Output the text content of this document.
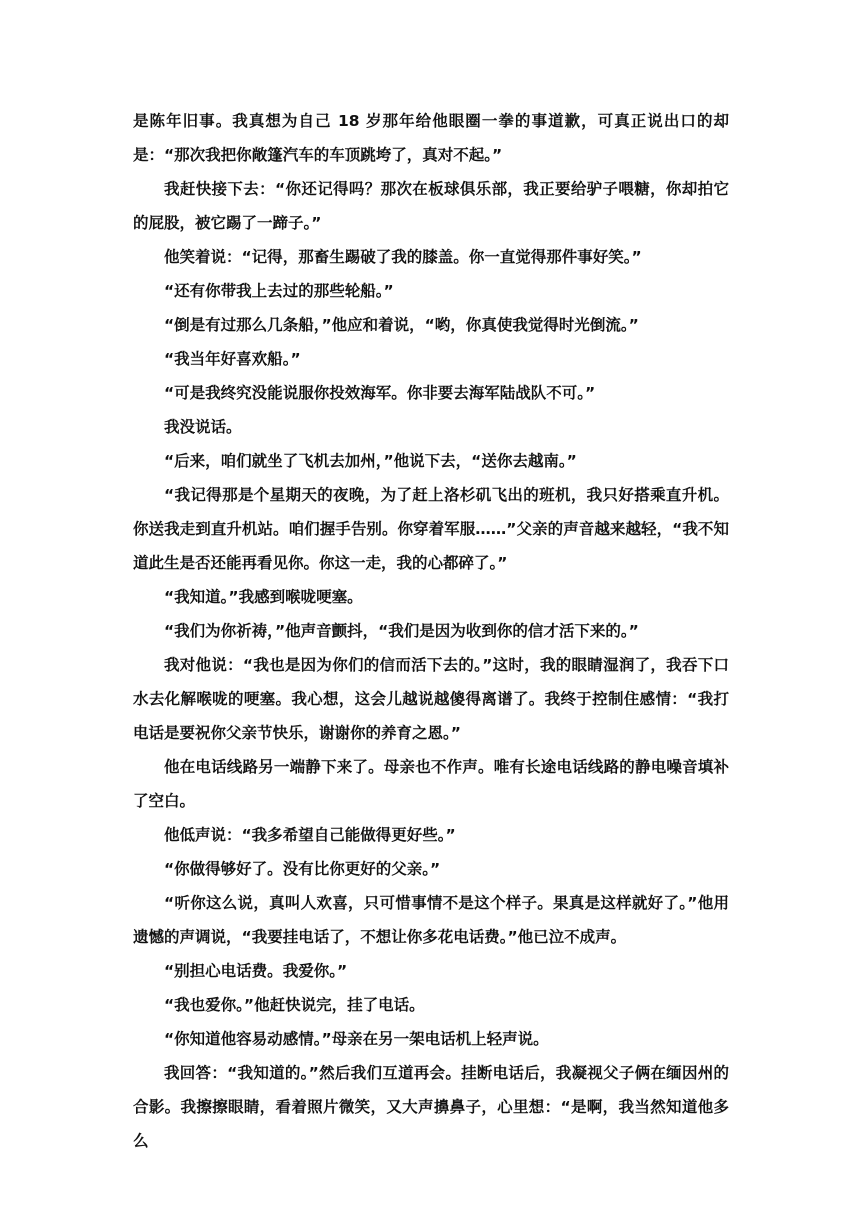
是陈年旧事。我真想为自己 18 岁那年给他眼圈一拳的事道歉，可真正说出口的却是：“那次我把你敞篷汽车的车顶跳垮了，真对不起。”

我赶快接下去：“你还记得吗？那次在板球俱乐部，我正要给驴子喂糖，你却拍它的屁股，被它踢了一蹄子。”

他笑着说：“记得，那畜生踢破了我的膝盖。你一直觉得那件事好笑。”

“还有你带我上去过的那些轮船。”

“倒是有过那么几条船，”他应和着说，“哟，你真使我觉得时光倒流。”

“我当年好喜欢船。”

“可是我终究没能说服你投效海军。你非要去海军陆战队不可。”

我没说话。

“后来，咱们就坐了飞机去加州，”他说下去，“送你去越南。”

“我记得那是个星期天的夜晚，为了赶上洛杉矶飞出的班机，我只好搭乘直升机。你送我走到直升机站。咱们握手告别。你穿着军服……”父亲的声音越来越轻，“我不知道此生是否还能再看见你。你这一走，我的心都碎了。”

“我知道。”我感到喉咙哽塞。

“我们为你祈祷，”他声音颤抖，“我们是因为收到你的信才活下来的。”

我对他说：“我也是因为你们的信而活下去的。”这时，我的眼睛湿润了，我吞下口水去化解喉咙的哽塞。我心想，这会儿越说越傻得离谱了。我终于控制住感情：“我打电话是要祝你父亲节快乐，谢谢你的养育之恩。”

他在电话线路另一端静下来了。母亲也不作声。唯有长途电话线路的静电噪音填补了空白。

他低声说：“我多希望自己能做得更好些。”

“你做得够好了。没有比你更好的父亲。”

“听你这么说，真叫人欢喜，只可惜事情不是这个样子。果真是这样就好了。”他用遗憾的声调说，“我要挂电话了，不想让你多花电话费。”他已泣不成声。

“别担心电话费。我爱你。”

“我也爱你。”他赶快说完，挂了电话。

“你知道他容易动感情。”母亲在另一架电话机上轻声说。

我回答：“我知道的。”然后我们互道再会。挂断电话后，我凝视父子俩在缅因州的合影。我擦擦眼睛，看着照片微笑，又大声擤鼻子，心里想：“是啊，我当然知道他多么
